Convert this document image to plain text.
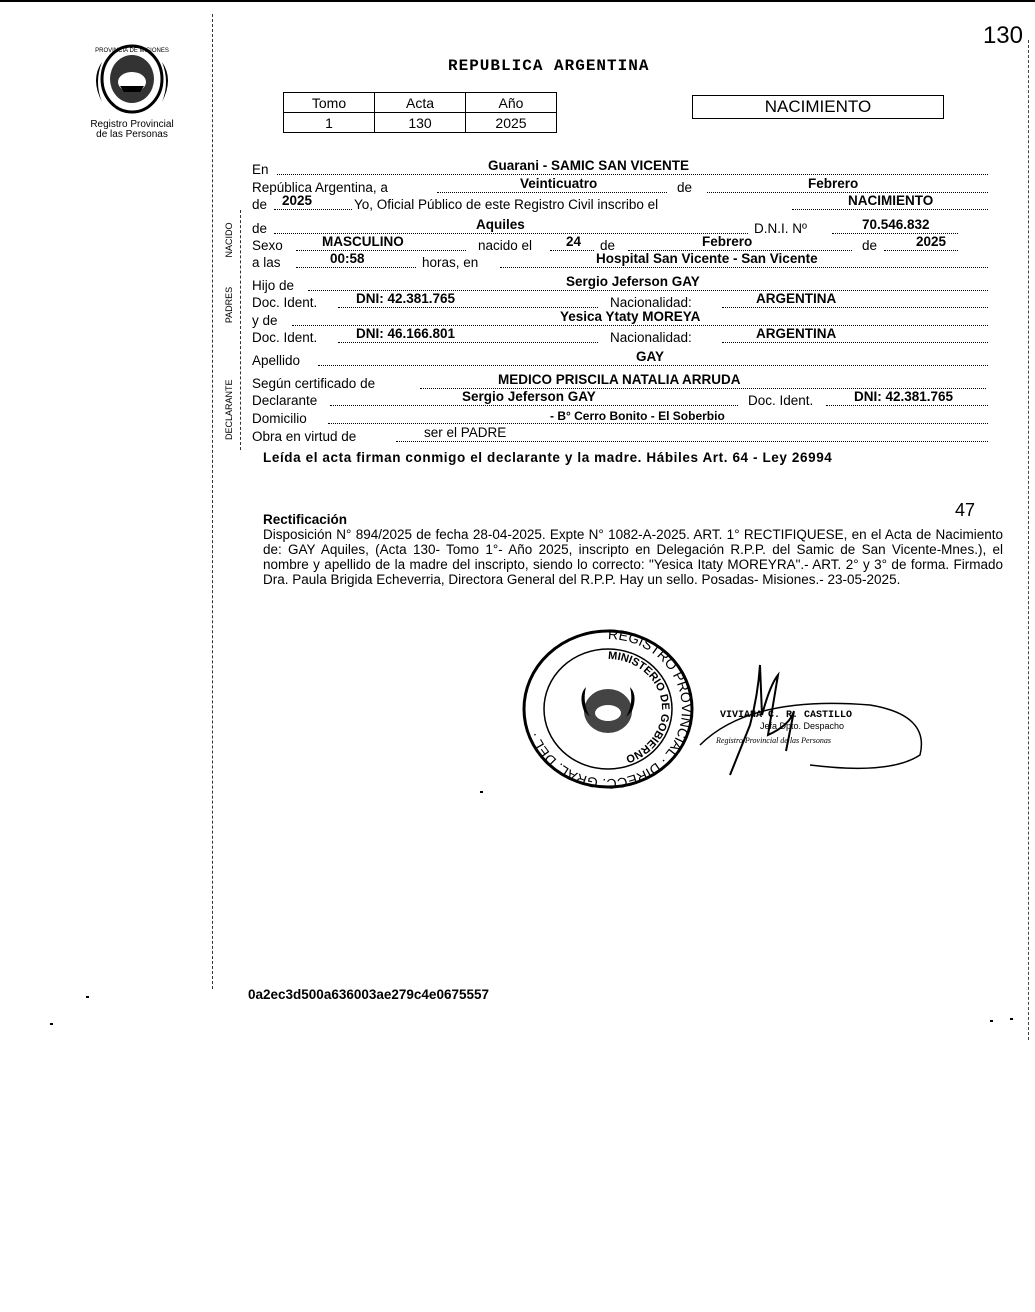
130
PROVINCIA DE MISIONES
Registro Provincial
de las Personas
REPUBLICA ARGENTINA
Tomo	Acta	Año
1	130	2025
NACIMIENTO
NACIDO
PADRES
DECLARANTE
En	Guarani - SAMIC SAN VICENTE
República Argentina, a	Veinticuatro	de	Febrero
de 2025	Yo, Oficial Público de este Registro Civil inscribo el	NACIMIENTO
de	Aquiles	D.N.I. Nº	70.546.832
Sexo	MASCULINO	nacido el	24 de	Febrero	de	2025
a las	00:58	horas, en	Hospital San Vicente - San Vicente
Hijo de	Sergio Jeferson GAY
Doc. Ident.	DNI: 42.381.765	Nacionalidad:	ARGENTINA
y de	Yesica Ytaty MOREYA
Doc. Ident.	DNI: 46.166.801	Nacionalidad:	ARGENTINA
Apellido	GAY
Según certificado de	MEDICO PRISCILA NATALIA ARRUDA
Declarante	Sergio Jeferson GAY	Doc. Ident.	DNI: 42.381.765
Domicilio	- B° Cerro Bonito - El Soberbio
Obra en virtud de	ser el PADRE
Leída el acta firman conmigo el declarante y la madre. Hábiles Art. 64 - Ley 26994
47
Rectificación
Disposición N° 894/2025 de fecha 28-04-2025. Expte N° 1082-A-2025. ART. 1° RECTIFIQUESE, en el Acta de Nacimiento de: GAY Aquiles, (Acta 130- Tomo 1°- Año 2025, inscripto en Delegación R.P.P. del Samic de San Vicente-Mnes.), el nombre y apellido de la madre del inscripto, siendo lo correcto: "Yesica Itaty MOREYRA".- ART. 2° y 3° de forma. Firmado Dra. Paula Brigida Echeverria, Directora General del R.P.P. Hay un sello. Posadas- Misiones.- 23-05-2025.
REGISTRO PROVINCIAL · DIRECC. GRAL. DEL ·
MINISTERIO DE GOBIERNO
VIVIANA C. R. CASTILLO
Jefa Dpto. Despacho
Registro Provincial de las Personas
0a2ec3d500a636003ae279c4e0675557
